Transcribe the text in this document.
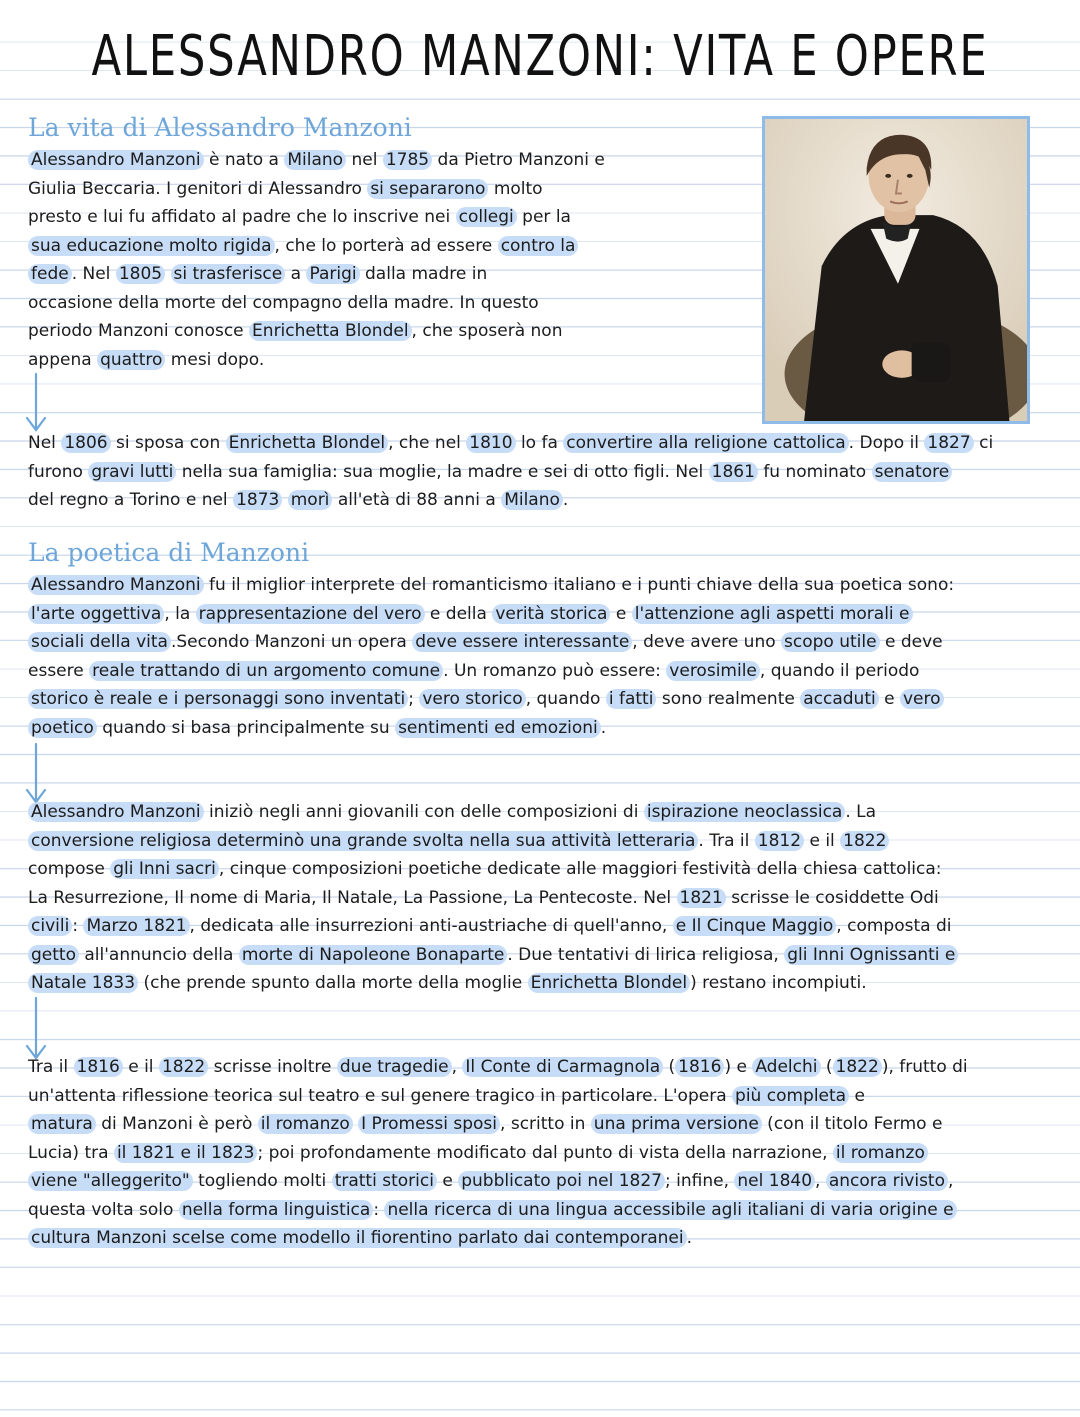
ALESSANDRO MANZONI: VITA E OPERE
La vita di Alessandro Manzoni
Alessandro Manzoni è nato a Milano nel 1785 da Pietro Manzoni e
Giulia Beccaria. I genitori di Alessandro si separarono molto
presto e lui fu affidato al padre che lo inscrive nei collegi per la
sua educazione molto rigida , che lo porterà ad essere contro la
fede . Nel 1805 si trasferisce a Parigi dalla madre in
occasione della morte del compagno della madre. In questo
periodo Manzoni conosce Enrichetta Blondel , che sposerà non
appena quattro mesi dopo.
Nel 1806 si sposa con Enrichetta Blondel , che nel 1810 lo fa convertire alla religione cattolica . Dopo il 1827 ci
furono gravi lutti nella sua famiglia: sua moglie, la madre e sei di otto figli. Nel 1861 fu nominato senatore
del regno a Torino e nel 1873 morì all'età di 88 anni a Milano .
La poetica di Manzoni
Alessandro Manzoni fu il miglior interprete del romanticismo italiano e i punti chiave della sua poetica sono:
l'arte oggettiva , la rappresentazione del vero e della verità storica e l'attenzione agli aspetti morali e
sociali della vita .Secondo Manzoni un opera deve essere interessante , deve avere uno scopo utile e deve
essere reale trattando di un argomento comune . Un romanzo può essere: verosimile , quando il periodo
storico è reale e i personaggi sono inventati ; vero storico , quando i fatti sono realmente accaduti e vero
poetico quando si basa principalmente su sentimenti ed emozioni .
Alessandro Manzoni iniziò negli anni giovanili con delle composizioni di ispirazione neoclassica . La
conversione religiosa determinò una grande svolta nella sua attività letteraria . Tra il 1812 e il 1822
compose gli Inni sacri , cinque composizioni poetiche dedicate alle maggiori festività della chiesa cattolica:
La Resurrezione, Il nome di Maria, Il Natale, La Passione, La Pentecoste. Nel 1821 scrisse le cosiddette Odi
civili : Marzo 1821 , dedicata alle insurrezioni anti-austriache di quell'anno, e Il Cinque Maggio , composta di
getto all'annuncio della morte di Napoleone Bonaparte . Due tentativi di lirica religiosa, gli Inni Ognissanti e
Natale 1833 (che prende spunto dalla morte della moglie Enrichetta Blondel ) restano incompiuti.
Tra il 1816 e il 1822 scrisse inoltre due tragedie , Il Conte di Carmagnola ( 1816 ) e Adelchi ( 1822 ), frutto di
un'attenta riflessione teorica sul teatro e sul genere tragico in particolare. L'opera più completa e
matura di Manzoni è però il romanzo I Promessi sposi , scritto in una prima versione (con il titolo Fermo e
Lucia) tra il 1821 e il 1823 ; poi profondamente modificato dal punto di vista della narrazione, il romanzo
viene "alleggerito" togliendo molti tratti storici e pubblicato poi nel 1827 ; infine, nel 1840 , ancora rivisto ,
questa volta solo nella forma linguistica : nella ricerca di una lingua accessibile agli italiani di varia origine e
cultura Manzoni scelse come modello il fiorentino parlato dai contemporanei .
